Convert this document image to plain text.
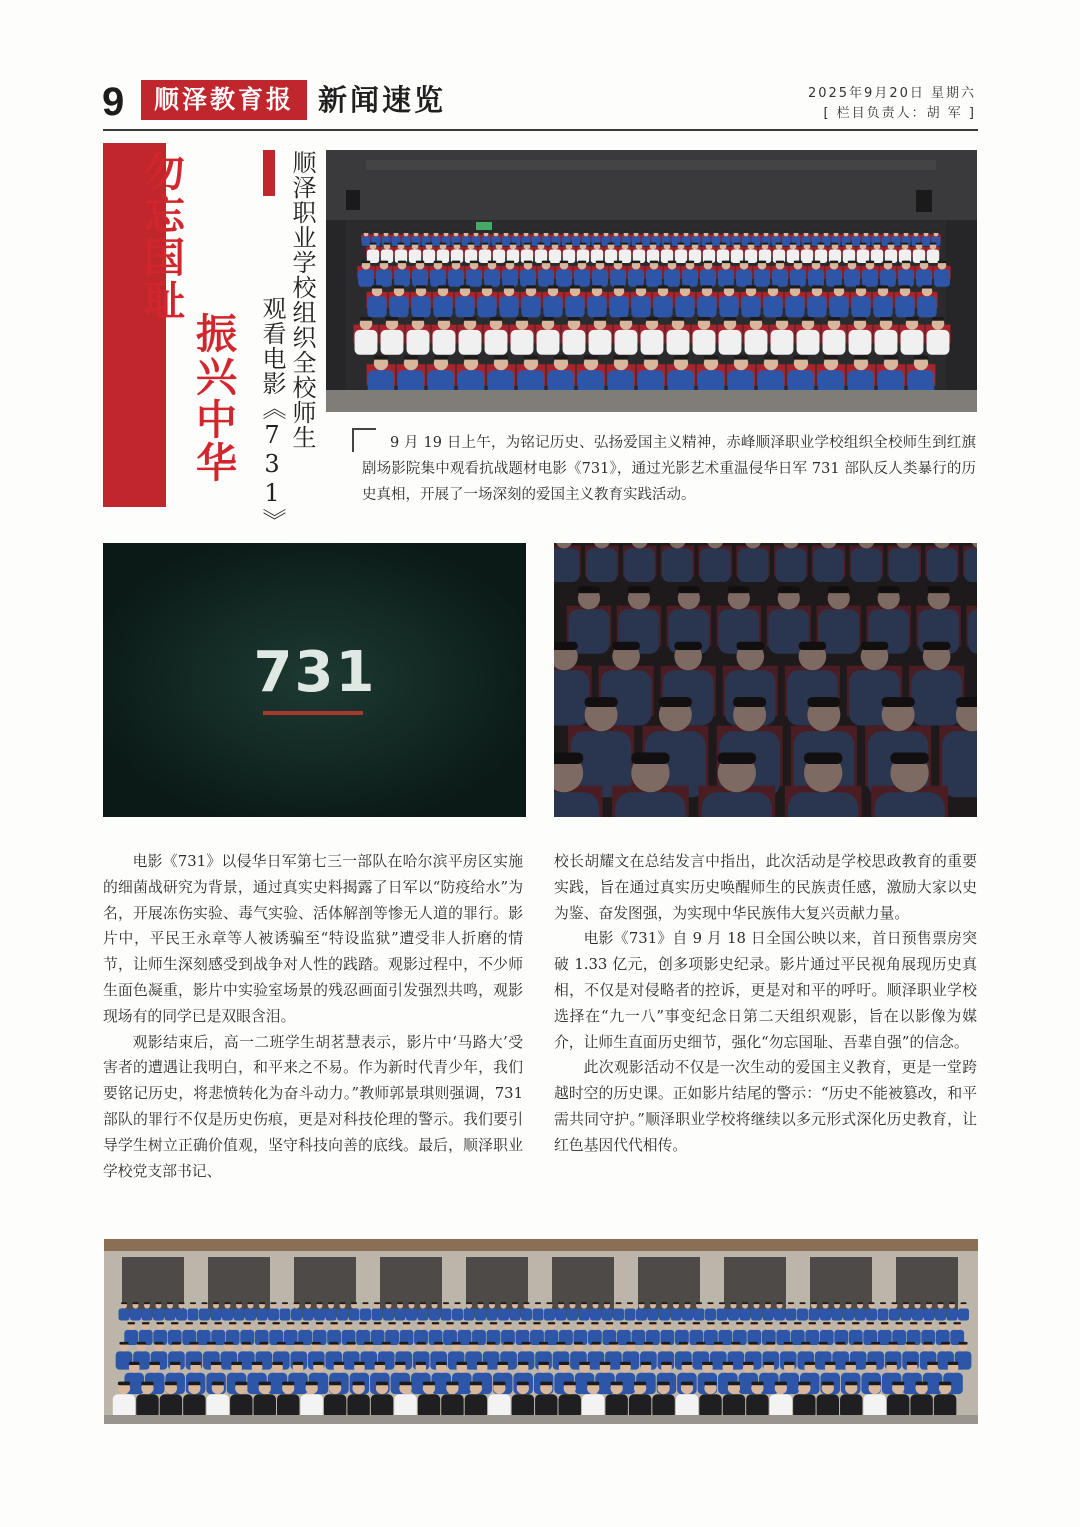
9	顺泽教育报 新闻速览	2025年9月20日 星期六
[ 栏目负责人：胡 军 ]
勿忘国耻
振兴中华 顺泽职业学校组织全校师生
观看电影《731》	9 月 19 日上午，为铭记历史、弘扬爱国主义精神，赤峰顺泽职业学校组织全校师生到红旗剧场影院集中观看抗战题材电影《731》，通过光影艺术重温侵华日军 731 部队反人类暴行的历史真相，开展了一场深刻的爱国主义教育实践活动。
731

电影《731》以侵华日军第七三一部队在哈尔滨平房区实施的细菌战研究为背景，通过真实史料揭露了日军以“防疫给水”为名，开展冻伤实验、毒气实验、活体解剖等惨无人道的罪行。影片中，平民王永章等人被诱骗至“特设监狱”遭受非人折磨的情节，让师生深刻感受到战争对人性的践踏。观影过程中，不少师生面色凝重，影片中实验室场景的残忍画面引发强烈共鸣，观影现场有的同学已是双眼含泪。

观影结束后，高一二班学生胡茗慧表示，影片中‘马路大’受害者的遭遇让我明白，和平来之不易。作为新时代青少年，我们要铭记历史，将悲愤转化为奋斗动力。”教师郭景琪则强调，731 部队的罪行不仅是历史伤痕，更是对科技伦理的警示。我们要引导学生树立正确价值观，坚守科技向善的底线。最后，顺泽职业学校党支部书记、

校长胡耀文在总结发言中指出，此次活动是学校思政教育的重要实践，旨在通过真实历史唤醒师生的民族责任感，激励大家以史为鉴、奋发图强，为实现中华民族伟大复兴贡献力量。

电影《731》自 9 月 18 日全国公映以来，首日预售票房突破 1.33 亿元，创多项影史纪录。影片通过平民视角展现历史真相，不仅是对侵略者的控诉，更是对和平的呼吁。顺泽职业学校选择在“九一八”事变纪念日第二天组织观影，旨在以影像为媒介，让师生直面历史细节，强化“勿忘国耻、吾辈自强”的信念。

此次观影活动不仅是一次生动的爱国主义教育，更是一堂跨越时空的历史课。正如影片结尾的警示：“历史不能被篡改，和平需共同守护。”顺泽职业学校将继续以多元形式深化历史教育，让红色基因代代相传。
